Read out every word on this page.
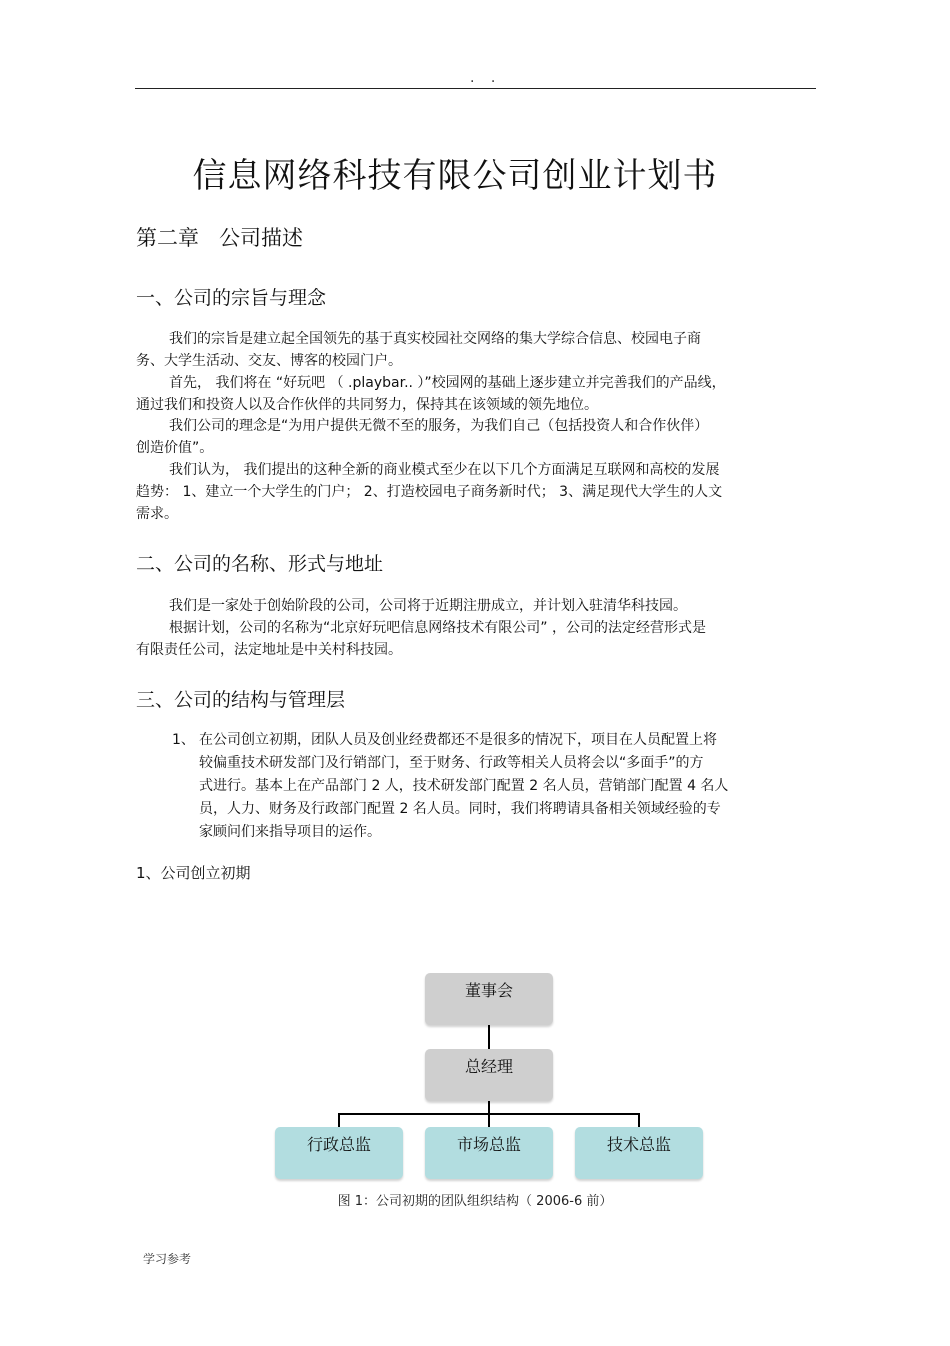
. .
信息网络科技有限公司创业计划书
第二章 公司描述
一、公司的宗旨与理念

我们的宗旨是建立起全国领先的基于真实校园社交网络的集大学综合信息、校园电子商
务、大学生活动、交友、博客的校园门户。

首先， 我们将在 “好玩吧 （ .playbar.. ）”校园网的基础上逐步建立并完善我们的产品线，
通过我们和投资人以及合作伙伴的共同努力，保持其在该领域的领先地位。

我们公司的理念是“为用户提供无微不至的服务，为我们自己（包括投资人和合作伙伴）
创造价值”。

我们认为， 我们提出的这种全新的商业模式至少在以下几个方面满足互联网和高校的发展
趋势： 1、建立一个大学生的门户； 2、打造校园电子商务新时代； 3、满足现代大学生的人文
需求。

二、公司的名称、形式与地址

我们是一家处于创始阶段的公司，公司将于近期注册成立，并计划入驻清华科技园。

根据计划，公司的名称为“北京好玩吧信息网络技术有限公司” ，公司的法定经营形式是
有限责任公司，法定地址是中关村科技园。

三、公司的结构与管理层
1、 在公司创立初期，团队人员及创业经费都还不是很多的情况下，项目在人员配置上将
较偏重技术研发部门及行销部门，至于财务、行政等相关人员将会以“多面手”的方
式进行。基本上在产品部门 2 人，技术研发部门配置 2 名人员，营销部门配置 4 名人
员，人力、财务及行政部门配置 2 名人员。同时，我们将聘请具备相关领域经验的专
家顾问们来指导项目的运作。
1、公司创立初期
董事会
总经理
行政总监	市场总监	技术总监
图 1：公司初期的团队组织结构（ 2006-6 前）
学习参考
